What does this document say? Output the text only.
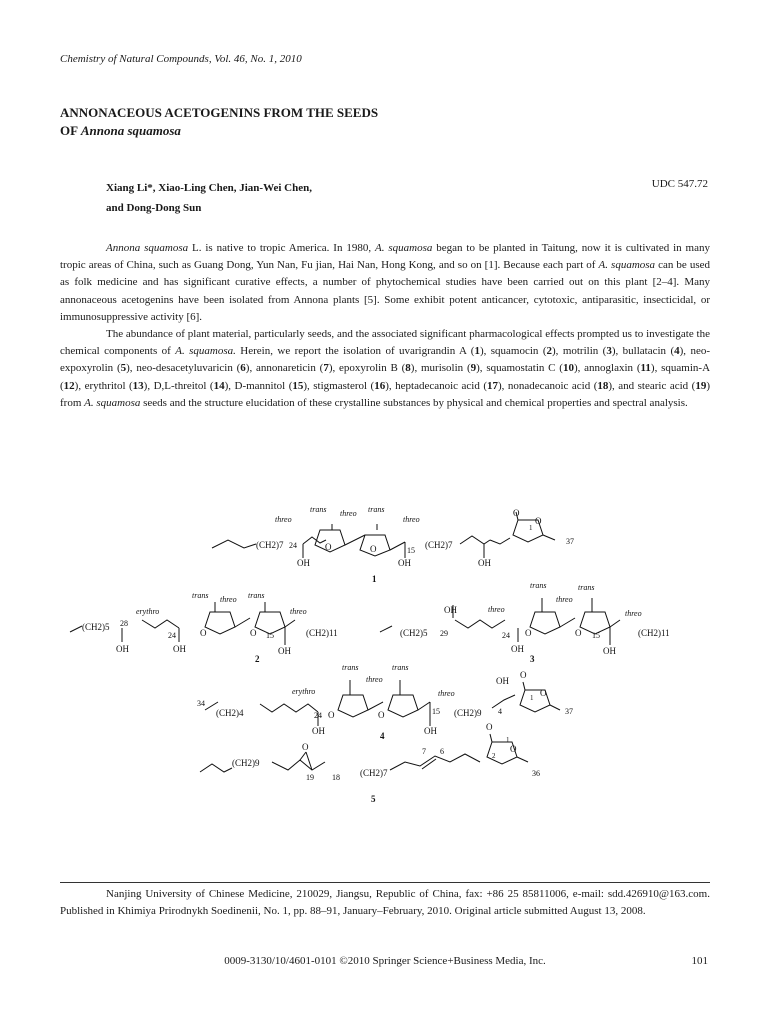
Chemistry of Natural Compounds, Vol. 46, No. 1, 2010
ANNONACEOUS ACETOGENINS FROM THE SEEDS
OF Annona squamosa
Xiang Li*, Xiao-Ling Chen, Jian-Wei Chen,
and Dong-Dong Sun
UDC 547.72

Annona squamosa L. is native to tropic America. In 1980, A. squamosa began to be planted in Taitung, now it is cultivated in many tropic areas of China, such as Guang Dong, Yun Nan, Fu jian, Hai Nan, Hong Kong, and so on [1]. Because each part of A. squamosa can be used as folk medicine and has significant curative effects, a number of phytochemical studies have been carried out on this plant [2–4]. Many annonaceous acetogenins have been isolated from Annona plants [5]. Some exhibit potent anticancer, cytotoxic, antiparasitic, insecticidal, or immunosuppressive activity [6].

The abundance of plant material, particularly seeds, and the associated significant pharmacological effects prompted us to investigate the chemical components of A. squamosa. Herein, we report the isolation of uvarigrandin A (1), squamocin (2), motrilin (3), bullatacin (4), neo-expoxyrolin (5), neo-desacetyluvaricin (6), annonareticin (7), epoxyrolin B (8), murisolin (9), squamostatin C (10), annoglaxin (11), squamin-A (12), erythritol (13), D,L-threitol (14), D-mannitol (15), stigmasterol (16), heptadecanoic acid (17), nonadecanoic acid (18), and stearic acid (19) from A. squamosa seeds and the structure elucidation of these crystalline substances by physical and chemical properties and spectral analysis.

threo
trans threo trans
threo
(CH2)7 24	O	O	15
(CH2)7
OH	OH	OH
O
O
1
37
1
erythro
trans threo trans
threo
(CH2)5 28
24	O	O 15	(CH2)11
OH	OH	OH
2
trans	trans
threo
threo	threo
OH
(CH2)5 29	24 O	O 15	(CH2)11
OH	OH
3
trans	trans
threo
erythro	threo
34
(CH2)4	24 O	O	15 (CH2)9
OH
4
O
O
1
37
OH	OH
4
(CH2)9
O
19 18 (CH2)7
7 6
O
O
1
2
36
5

Nanjing University of Chinese Medicine, 210029, Jiangsu, Republic of China, fax: +86 25 85811006, e-mail: sdd.426910@163.com. Published in Khimiya Prirodnykh Soedinenii, No. 1, pp. 88–91, January–February, 2010. Original article submitted August 13, 2008.

0009-3130/10/4601-0101 ©2010 Springer Science+Business Media, Inc.	101
